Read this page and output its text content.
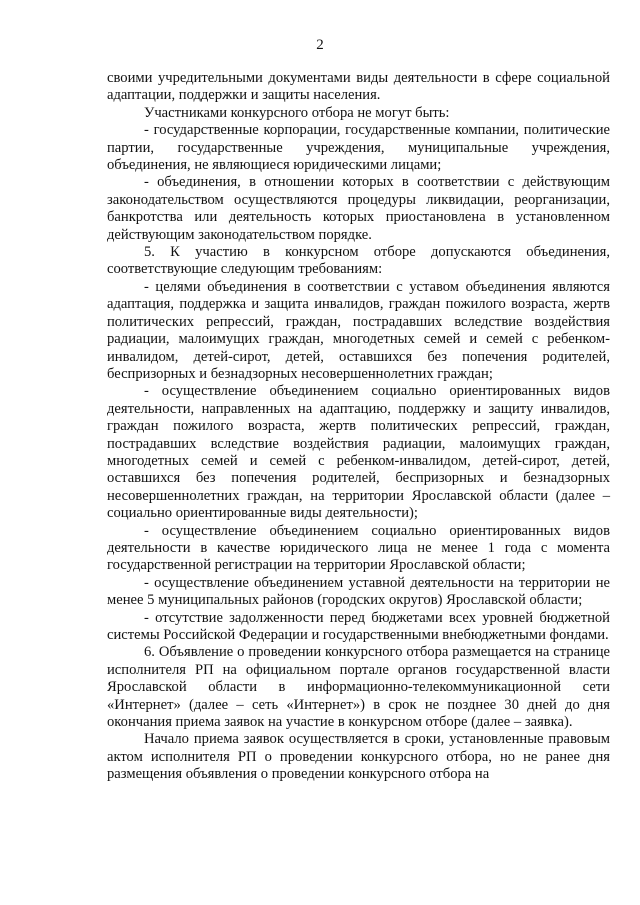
2

своими учредительными документами виды деятельности в сфере социальной адаптации, поддержки и защиты населения.

Участниками конкурсного отбора не могут быть:

- государственные корпорации, государственные компании, политические партии, государственные учреждения, муниципальные учреждения, объединения, не являющиеся юридическими лицами;

- объединения, в отношении которых в соответствии с действующим законодательством осуществляются процедуры ликвидации, реорганизации, банкротства или деятельность которых приостановлена в установленном действующим законодательством порядке.

5. К участию в конкурсном отборе допускаются объединения, соответствующие следующим требованиям:

- целями объединения в соответствии с уставом объединения являются адаптация, поддержка и защита инвалидов, граждан пожилого возраста, жертв политических репрессий, граждан, пострадавших вследствие воздействия радиации, малоимущих граждан, многодетных семей и семей с ребенком-инвалидом, детей-сирот, детей, оставшихся без попечения родителей, беспризорных и безнадзорных несовершеннолетних граждан;

- осуществление объединением социально ориентированных видов деятельности, направленных на адаптацию, поддержку и защиту инвалидов, граждан пожилого возраста, жертв политических репрессий, граждан, пострадавших вследствие воздействия радиации, малоимущих граждан, многодетных семей и семей с ребенком-инвалидом, детей-сирот, детей, оставшихся без попечения родителей, беспризорных и безнадзорных несовершеннолетних граждан, на территории Ярославской области (далее – социально ориентированные виды деятельности);

- осуществление объединением социально ориентированных видов деятельности в качестве юридического лица не менее 1 года с момента государственной регистрации на территории Ярославской области;

- осуществление объединением уставной деятельности на территории не менее 5 муниципальных районов (городских округов) Ярославской области;

- отсутствие задолженности перед бюджетами всех уровней бюджетной системы Российской Федерации и государственными внебюджетными фондами.

6. Объявление о проведении конкурсного отбора размещается на странице исполнителя РП на официальном портале органов государственной власти Ярославской области в информационно-телекоммуникационной сети «Интернет» (далее – сеть «Интернет») в срок не позднее 30 дней до дня окончания приема заявок на участие в конкурсном отборе (далее – заявка).

Начало приема заявок осуществляется в сроки, установленные правовым актом исполнителя РП о проведении конкурсного отбора, но не ранее дня размещения объявления о проведении конкурсного отбора на
